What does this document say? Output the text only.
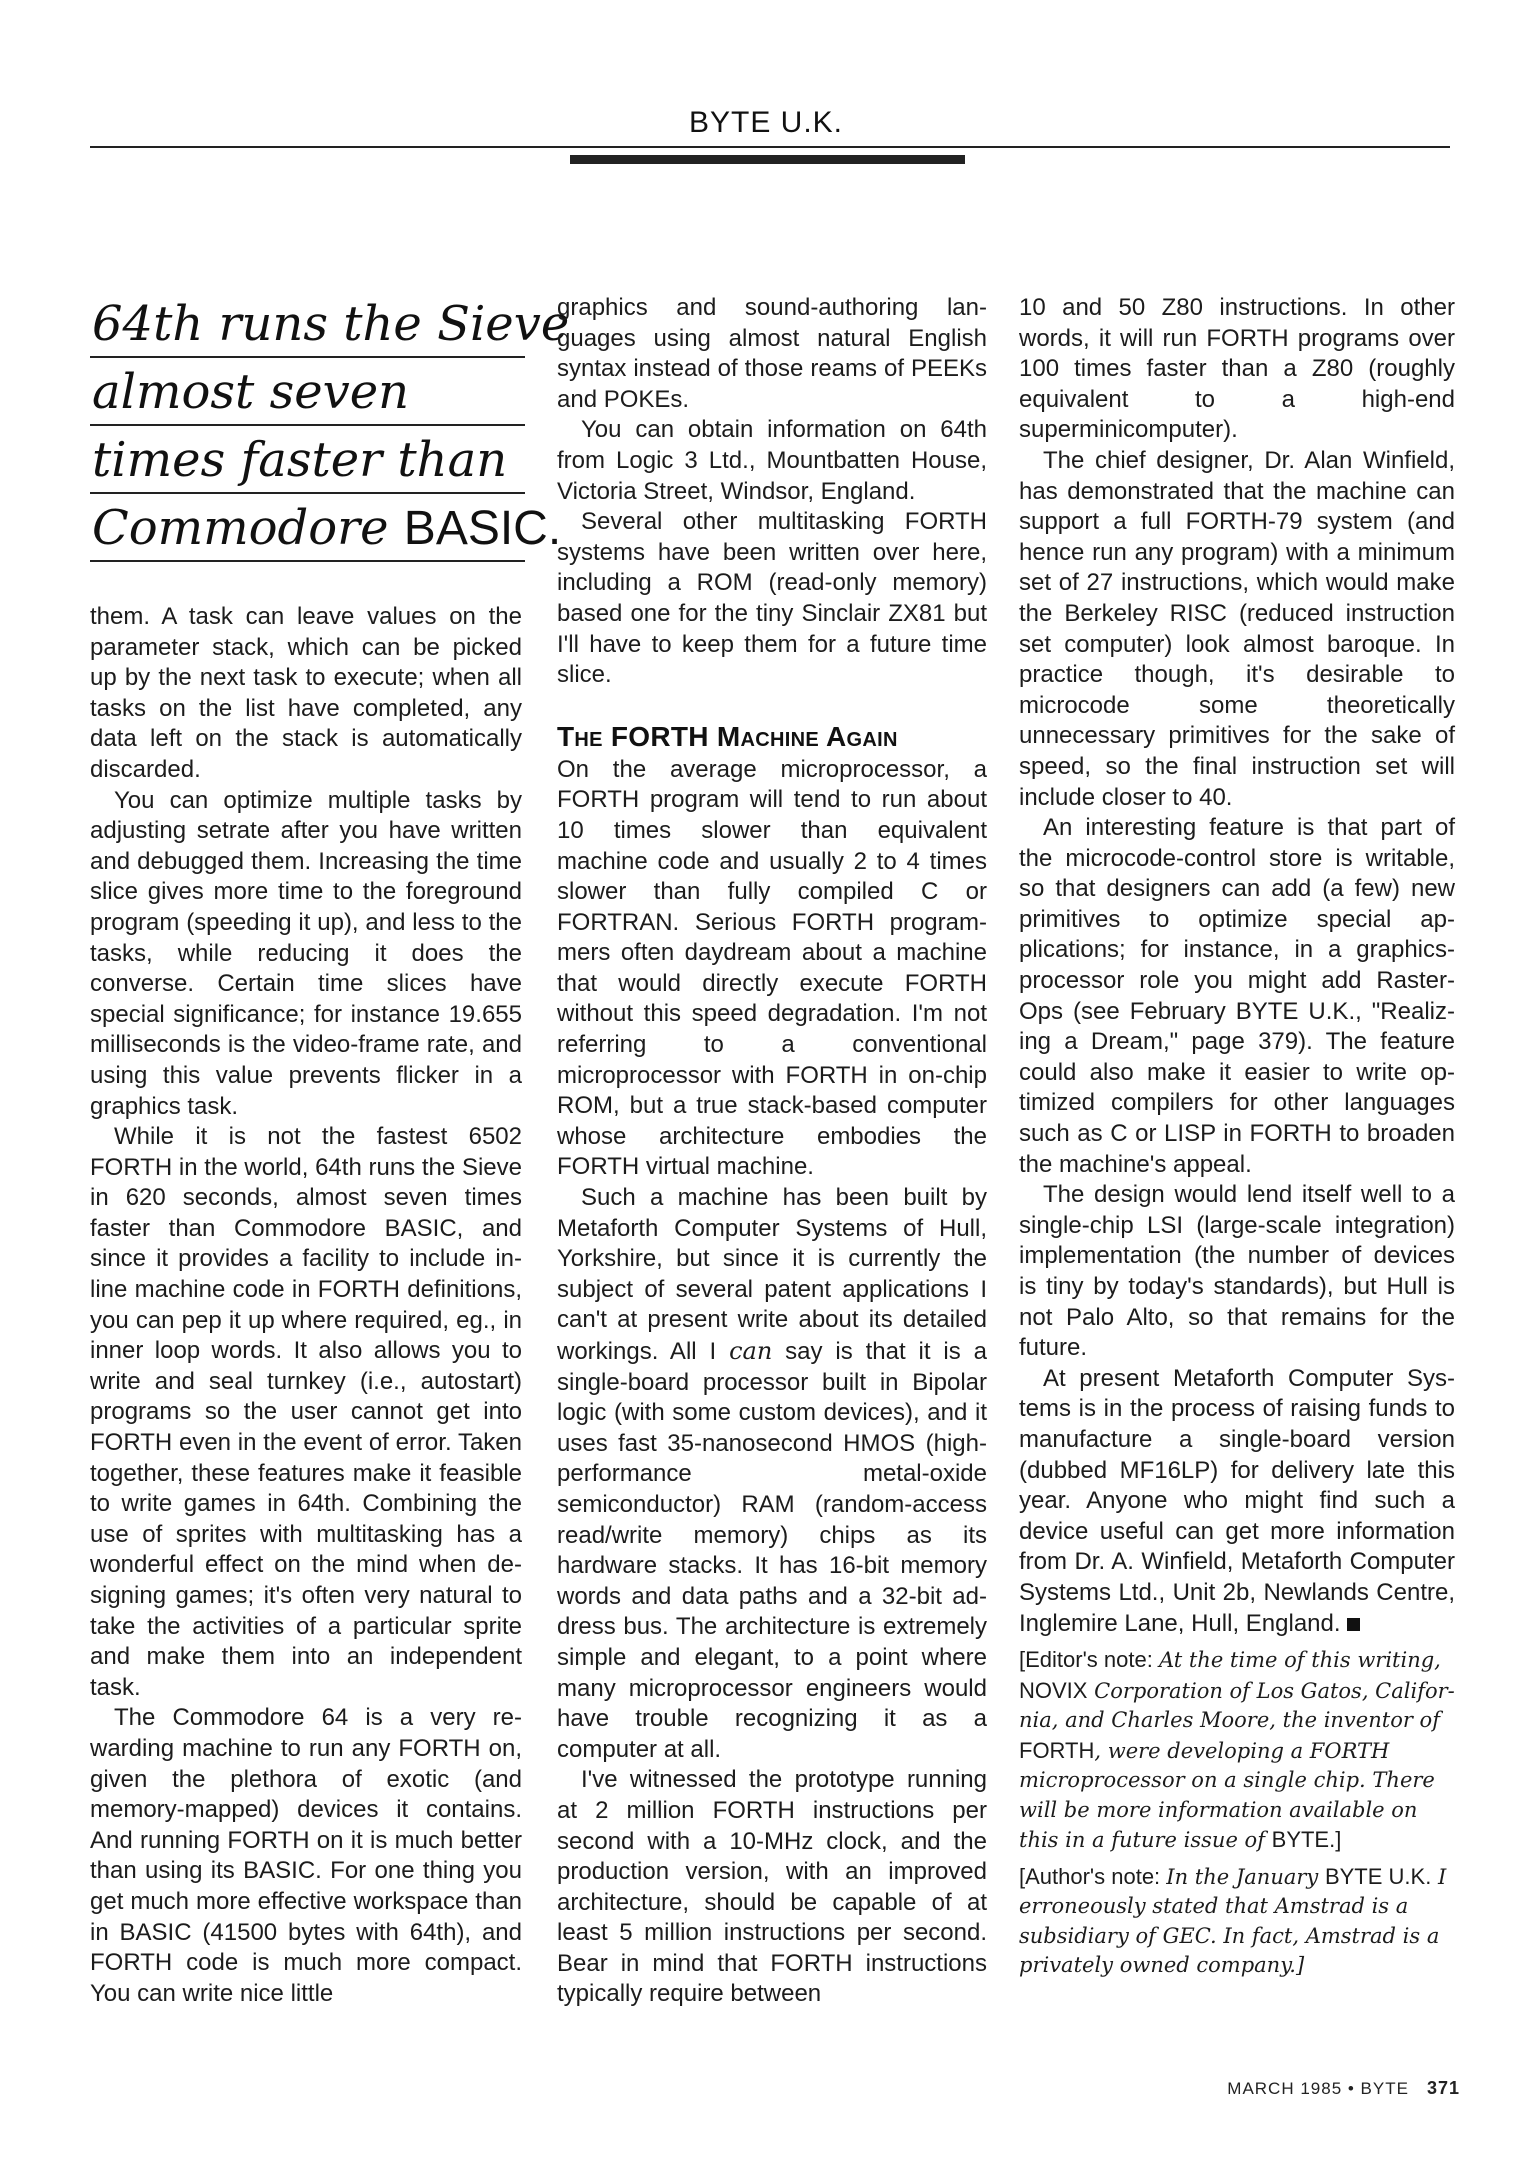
BYTE U.K.
64th runs the Sieve
almost seven
times faster than
Commodore BASIC.

them. A task can leave values on the parameter stack, which can be picked up by the next task to execute; when all tasks on the list have completed, any data left on the stack is automatically discarded.

You can optimize multiple tasks by adjusting setrate after you have written and debugged them. Increasing the time slice gives more time to the foreground program (speeding it up), and less to the tasks, while reducing it does the converse. Certain time slices have special significance; for instance 19.655 milliseconds is the video-frame rate, and using this value prevents flicker in a graphics task.

While it is not the fastest 6502 FORTH in the world, 64th runs the Sieve in 620 seconds, almost seven times faster than Commodore BASIC, and since it provides a facility to include in-line machine code in FORTH definitions, you can pep it up where required, eg., in inner loop words. It also allows you to write and seal turnkey (i.e., autostart) programs so the user cannot get into FORTH even in the event of error. Taken together, these features make it feasible to write games in 64th. Combining the use of sprites with multitasking has a wonderful effect on the mind when designing games; it's often very natural to take the activities of a particular sprite and make them into an independent task.

The Commodore 64 is a very rewarding machine to run any FORTH on, given the plethora of exotic (and memory-mapped) devices it contains. And running FORTH on it is much better than using its BASIC. For one thing you get much more effective workspace than in BASIC (41500 bytes with 64th), and FORTH code is much more compact. You can write nice little

graphics and sound-authoring languages using almost natural English syntax instead of those reams of PEEKs and POKEs.

You can obtain information on 64th from Logic 3 Ltd., Mountbatten House, Victoria Street, Windsor, England.

Several other multitasking FORTH systems have been written over here, including a ROM (read-only memory) based one for the tiny Sinclair ZX81 but I'll have to keep them for a future time slice.

The FORTH Machine Again

On the average microprocessor, a FORTH program will tend to run about 10 times slower than equivalent machine code and usually 2 to 4 times slower than fully compiled C or FORTRAN. Serious FORTH programmers often daydream about a machine that would directly execute FORTH without this speed degradation. I'm not referring to a conventional microprocessor with FORTH in on-chip ROM, but a true stack-based computer whose architecture embodies the FORTH virtual machine.

Such a machine has been built by Metaforth Computer Systems of Hull, Yorkshire, but since it is currently the subject of several patent applications I can't at present write about its detailed workings. All I can say is that it is a single-board processor built in Bipolar logic (with some custom devices), and it uses fast 35-nanosecond HMOS (high-performance metal-oxide semiconductor) RAM (random-access read/write memory) chips as its hardware stacks. It has 16-bit memory words and data paths and a 32-bit address bus. The architecture is extremely simple and elegant, to a point where many microprocessor engineers would have trouble recognizing it as a computer at all.

I've witnessed the prototype running at 2 million FORTH instructions per second with a 10-MHz clock, and the production version, with an improved architecture, should be capable of at least 5 million instructions per second. Bear in mind that FORTH instructions typically require between

10 and 50 Z80 instructions. In other words, it will run FORTH programs over 100 times faster than a Z80 (roughly equivalent to a high-end superminicomputer).

The chief designer, Dr. Alan Winfield, has demonstrated that the machine can support a full FORTH-79 system (and hence run any program) with a minimum set of 27 instructions, which would make the Berkeley RISC (reduced instruction set computer) look almost baroque. In practice though, it's desirable to microcode some theoretically unnecessary primitives for the sake of speed, so the final instruction set will include closer to 40.

An interesting feature is that part of the microcode-control store is writable, so that designers can add (a few) new primitives to optimize special applications; for instance, in a graphics-processor role you might add Raster-Ops (see February BYTE U.K., "Realizing a Dream," page 379). The feature could also make it easier to write optimized compilers for other languages such as C or LISP in FORTH to broaden the machine's appeal.

The design would lend itself well to a single-chip LSI (large-scale integration) implementation (the number of devices is tiny by today's standards), but Hull is not Palo Alto, so that remains for the future.

At present Metaforth Computer Systems is in the process of raising funds to manufacture a single-board version (dubbed MF16LP) for delivery late this year. Anyone who might find such a device useful can get more information from Dr. A. Winfield, Metaforth Computer Systems Ltd., Unit 2b, Newlands Centre, Inglemire Lane, Hull, England.

[Editor's note: At the time of this writing, NOVIX Corporation of Los Gatos, California, and Charles Moore, the inventor of FORTH, were developing a FORTH microprocessor on a single chip. There will be more information available on this in a future issue of BYTE.]

[Author's note: In the January BYTE U.K. I erroneously stated that Amstrad is a subsidiary of GEC. In fact, Amstrad is a privately owned company.]

MARCH 1985 • BYTE 371
